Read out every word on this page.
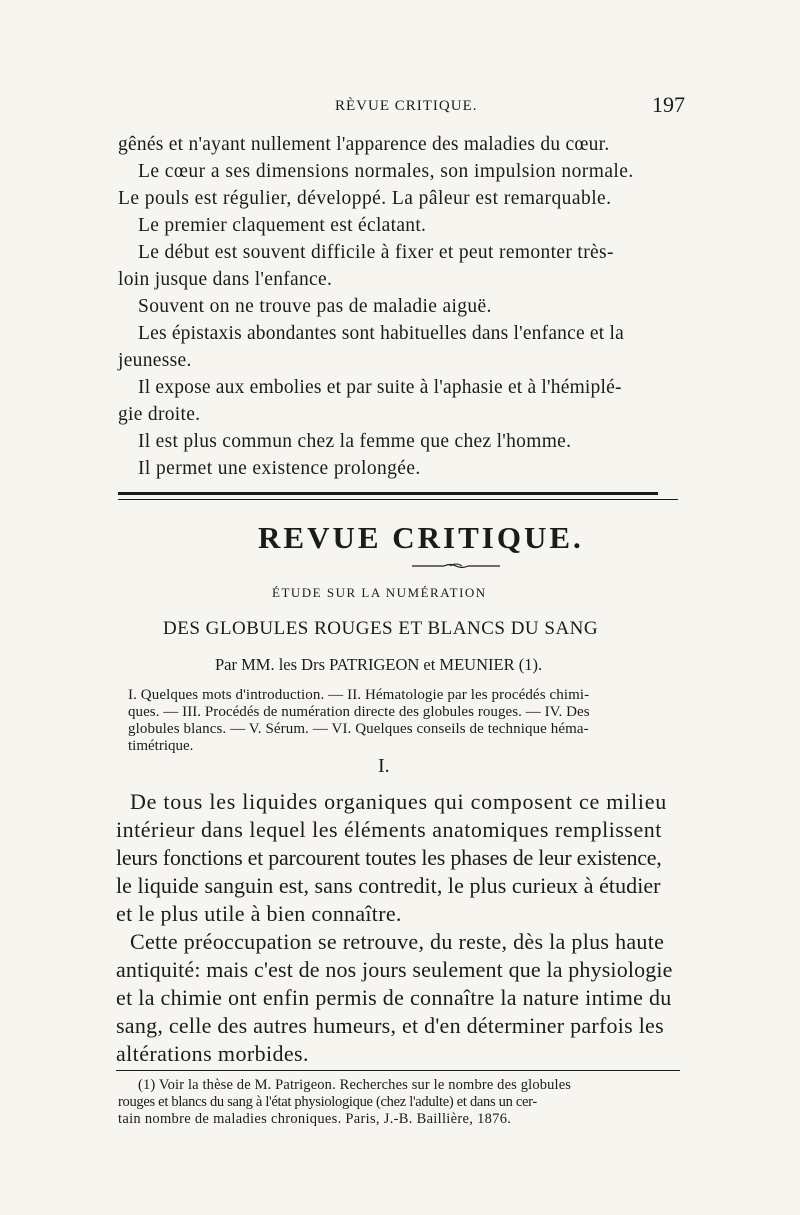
RÈVUE CRITIQUE.	197
gênés et n'ayant nullement l'apparence des maladies du cœur.
Le cœur a ses dimensions normales, son impulsion normale.
Le pouls est régulier, développé. La pâleur est remarquable.
Le premier claquement est éclatant.
Le début est souvent difficile à fixer et peut remonter très-
loin jusque dans l'enfance.
Souvent on ne trouve pas de maladie aiguë.
Les épistaxis abondantes sont habituelles dans l'enfance et la
jeunesse.
Il expose aux embolies et par suite à l'aphasie et à l'hémiplé-
gie droite.
Il est plus commun chez la femme que chez l'homme.
Il permet une existence prolongée.
REVUE CRITIQUE.
ÉTUDE SUR LA NUMÉRATION
DES GLOBULES ROUGES ET BLANCS DU SANG
Par MM. les Drs PATRIGEON et MEUNIER (1).
I. Quelques mots d'introduction. — II. Hématologie par les procédés chimi-
ques. — III. Procédés de numération directe des globules rouges. — IV. Des
globules blancs. — V. Sérum. — VI. Quelques conseils de technique héma-
timétrique.
I.
De tous les liquides organiques qui composent ce milieu
intérieur dans lequel les éléments anatomiques remplissent
leurs fonctions et parcourent toutes les phases de leur existence,
le liquide sanguin est, sans contredit, le plus curieux à étudier
et le plus utile à bien connaître.
Cette préoccupation se retrouve, du reste, dès la plus haute
antiquité: mais c'est de nos jours seulement que la physiologie
et la chimie ont enfin permis de connaître la nature intime du
sang, celle des autres humeurs, et d'en déterminer parfois les
altérations morbides.
(1) Voir la thèse de M. Patrigeon. Recherches sur le nombre des globules
rouges et blancs du sang à l'état physiologique (chez l'adulte) et dans un cer-
tain nombre de maladies chroniques. Paris, J.-B. Baillière, 1876.
